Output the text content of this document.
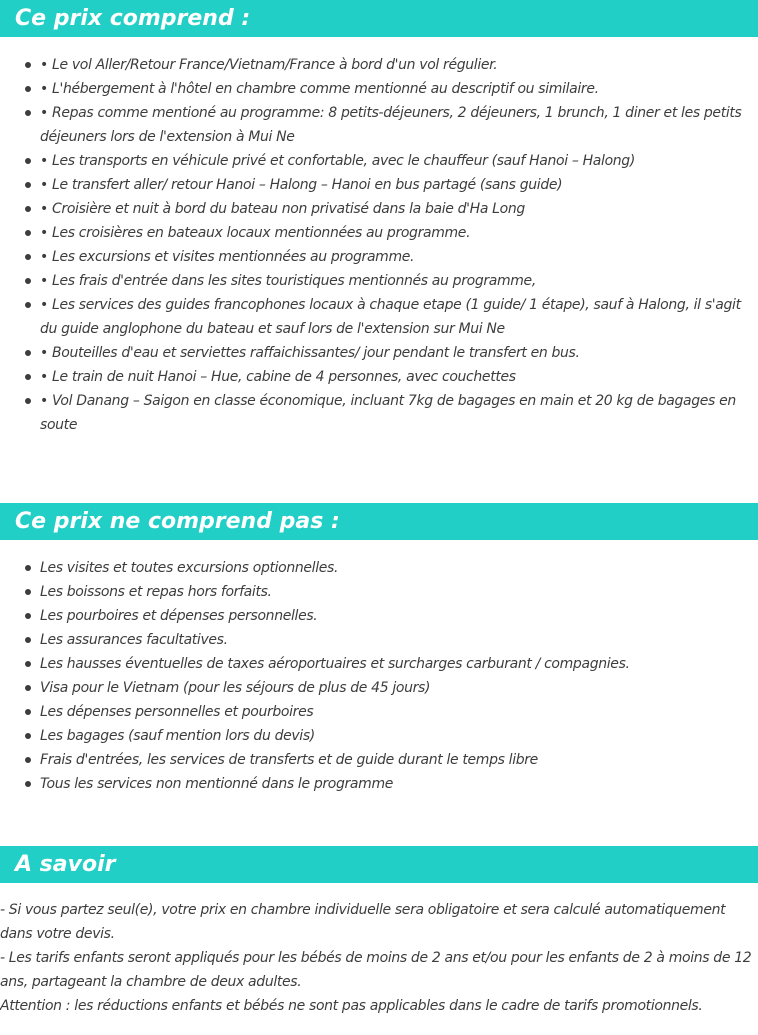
Ce prix comprend :
• Le vol Aller/Retour France/Vietnam/France à bord d'un vol régulier.
• L'hébergement à l'hôtel en chambre comme mentionné au descriptif ou similaire.
• Repas comme mentioné au programme: 8 petits-déjeuners, 2 déjeuners, 1 brunch, 1 diner et les petits déjeuners lors de l'extension à Mui Ne
• Les transports en véhicule privé et confortable, avec le chauffeur (sauf Hanoi – Halong)
• Le transfert aller/ retour Hanoi – Halong – Hanoi en bus partagé (sans guide)
• Croisière et nuit à bord du bateau non privatisé dans la baie d'Ha Long
• Les croisières en bateaux locaux mentionnées au programme.
• Les excursions et visites mentionnées au programme.
• Les frais d'entrée dans les sites touristiques mentionnés au programme,
• Les services des guides francophones locaux à chaque etape (1 guide/ 1 étape), sauf à Halong, il s'agit du guide anglophone du bateau et sauf lors de l'extension sur Mui Ne
• Bouteilles d'eau et serviettes raffaichissantes/ jour pendant le transfert en bus.
• Le train de nuit Hanoi – Hue, cabine de 4 personnes, avec couchettes
• Vol Danang – Saigon en classe économique, incluant 7kg de bagages en main et 20 kg de bagages en soute
Ce prix ne comprend pas :
Les visites et toutes excursions optionnelles.
Les boissons et repas hors forfaits.
Les pourboires et dépenses personnelles.
Les assurances facultatives.
Les hausses éventuelles de taxes aéroportuaires et surcharges carburant / compagnies.
Visa pour le Vietnam (pour les séjours de plus de 45 jours)
Les dépenses personnelles et pourboires
Les bagages (sauf mention lors du devis)
Frais d'entrées, les services de transferts et de guide durant le temps libre
Tous les services non mentionné dans le programme
A savoir

- Si vous partez seul(e), votre prix en chambre individuelle sera obligatoire et sera calculé automatiquement dans votre devis.

- Les tarifs enfants seront appliqués pour les bébés de moins de 2 ans et/ou pour les enfants de 2 à moins de 12 ans, partageant la chambre de deux adultes.

Attention : les réductions enfants et bébés ne sont pas applicables dans le cadre de tarifs promotionnels.
